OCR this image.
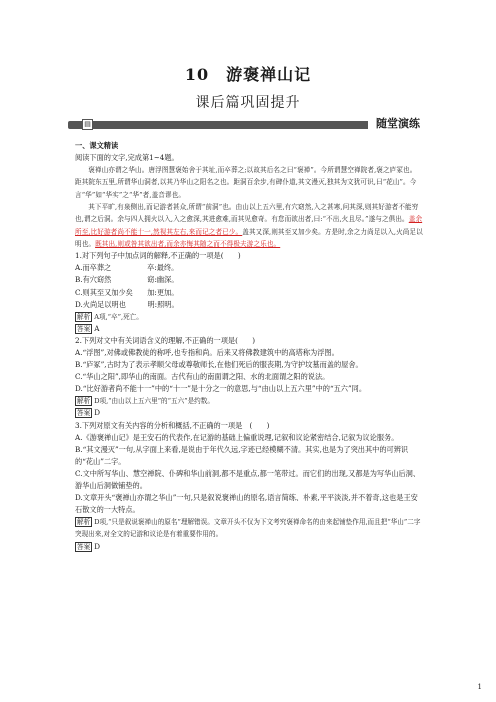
10　游褒禅山记
课后篇巩固提升
▤	随堂演练

一、课文精读

阅读下面的文字,完成第1~4题。

褒禅山亦谓之华山。唐浮图慧褒始舍于其址,而卒葬之;以故其后名之曰“褒禅”。今所谓慧空禅院者,褒之庐冢也。距其院东五里,所谓华山洞者,以其乃华山之阳名之也。距洞百余步,有碑仆道,其文漫灭,独其为文犹可识,曰“花山”。今言“华”如“华实”之“华”者,盖音谬也。

其下平旷,有泉侧出,而记游者甚众,所谓“前洞”也。由山以上五六里,有穴窈然,入之甚寒,问其深,则其好游者不能穷也,谓之后洞。余与四人拥火以入,入之愈深,其进愈难,而其见愈奇。有怠而欲出者,曰:“不出,火且尽。”遂与之俱出。盖余所至,比好游者尚不能十一,然视其左右,来而记之者已少。盖其又深,则其至又加少矣。方是时,余之力尚足以入,火尚足以明也。既其出,则或咎其欲出者,而余亦悔其随之而不得极夫游之乐也。

1.对下列句子中加点词的解释,不正确的一项是(　　)

A.而卒葬之　　　　　卒:最终。

B.有穴窈然　　　　　窈:幽深。

C.则其至又加少矣　　加:更加。

D.火尚足以明也　　　明:照明。

解析 A项,“卒”,死亡。

答案 A

2.下列对文中有关词语含义的理解,不正确的一项是(　　)

A.“浮图”,对佛或佛教徒的称呼,也专指和尚。后来又将佛教建筑中的高塔称为浮图。

B.“庐冢”,古时为了表示孝顺父母或尊敬师长,在他们死后的服丧期,为守护坟墓而盖的屋舍。

C.“华山之阳”,即华山的南面。古代有山的南面谓之阳、水的北面谓之阳的说法。

D.“比好游者尚不能十一”中的“十一”是十分之一的意思,与“由山以上五六里”中的“五六”同。

解析 D项,“由山以上五六里”的“五六”是约数。

答案 D

3.下列对原文有关内容的分析和概括,不正确的一项是　(　　)

A.《游褒禅山记》是王安石的代表作,在记游的基础上偏重说理,记叙和议论紧密结合,记叙为议论服务。

B.“其文漫灭”一句,从字面上来看,是说由于年代久远,字迹已经模糊不清。其实,也是为了突出其中的可辨识的“花山”二字。

C.文中所写华山、慧空禅院、仆碑和华山前洞,都不是重点,都一笔带过。而它们的出现,又都是为写华山后洞、游华山后洞做铺垫的。

D.文章开头“褒禅山亦谓之华山”一句,只是叙说褒禅山的原名,语言简练、朴素,平平淡淡,并不着奇,这也是王安石散文的一大特点。

解析 D项,“只是叙说褒禅山的原名”理解错误。文章开头不仅为下文考究褒禅命名的由来起铺垫作用,而且把“华山”二字突现出来,对全文的记游和议论是有着重要作用的。

答案 D

1
